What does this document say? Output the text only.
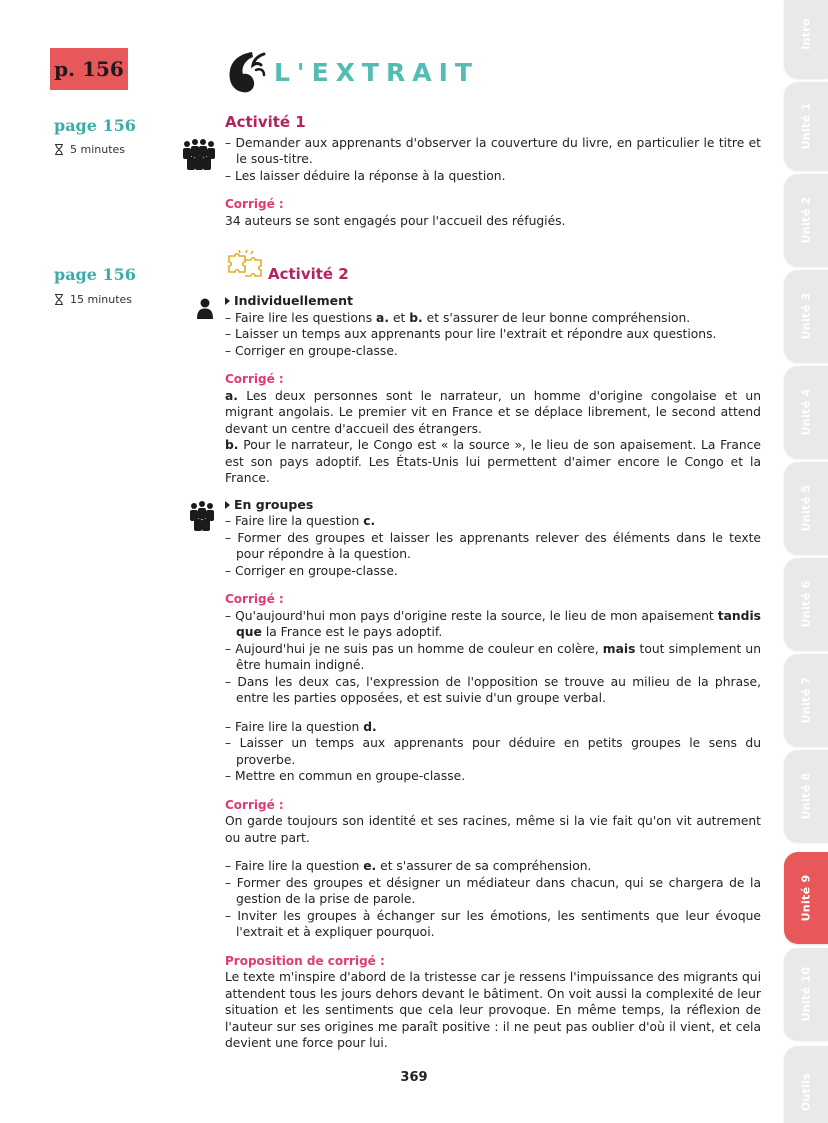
Intro
Unité 1
Unité 2
Unité 3
Unité 4
Unité 5
Unité 6
Unité 7
Unité 8
Unité 9
Unité 10
Outils
p. 156	L'EXTRAIT
page 156
5 minutes
Activité 1
– Demander aux apprenants d'observer la couverture du livre, en particulier le titre et le sous-titre.
– Les laisser déduire la réponse à la question.
Corrigé :
34 auteurs se sont engagés pour l'accueil des réfugiés.
page 156
15 minutes
Activité 2
Individuellement
– Faire lire les questions a. et b. et s'assurer de leur bonne compréhension.
– Laisser un temps aux apprenants pour lire l'extrait et répondre aux questions.
– Corriger en groupe-classe.
Corrigé :
a. Les deux personnes sont le narrateur, un homme d'origine congolaise et un migrant angolais. Le premier vit en France et se déplace librement, le second attend devant un centre d'accueil des étrangers.
b. Pour le narrateur, le Congo est « la source », le lieu de son apaisement. La France est son pays adoptif. Les États-Unis lui permettent d'aimer encore le Congo et la France.
En groupes
– Faire lire la question c.
– Former des groupes et laisser les apprenants relever des éléments dans le texte pour répondre à la question.
– Corriger en groupe-classe.
Corrigé :
– Qu'aujourd'hui mon pays d'origine reste la source, le lieu de mon apaisement tandis que la France est le pays adoptif.
– Aujourd'hui je ne suis pas un homme de couleur en colère, mais tout simplement un être humain indigné.
– Dans les deux cas, l'expression de l'opposition se trouve au milieu de la phrase, entre les parties opposées, et est suivie d'un groupe verbal.
– Faire lire la question d.
– Laisser un temps aux apprenants pour déduire en petits groupes le sens du proverbe.
– Mettre en commun en groupe-classe.
Corrigé :
On garde toujours son identité et ses racines, même si la vie fait qu'on vit autrement ou autre part.
– Faire lire la question e. et s'assurer de sa compréhension.
– Former des groupes et désigner un médiateur dans chacun, qui se chargera de la gestion de la prise de parole.
– Inviter les groupes à échanger sur les émotions, les sentiments que leur évoque l'extrait et à expliquer pourquoi.
Proposition de corrigé :
Le texte m'inspire d'abord de la tristesse car je ressens l'impuissance des migrants qui attendent tous les jours dehors devant le bâtiment. On voit aussi la complexité de leur situation et les sentiments que cela leur provoque. En même temps, la réflexion de l'auteur sur ses origines me paraît positive : il ne peut pas oublier d'où il vient, et cela devient une force pour lui.
369
